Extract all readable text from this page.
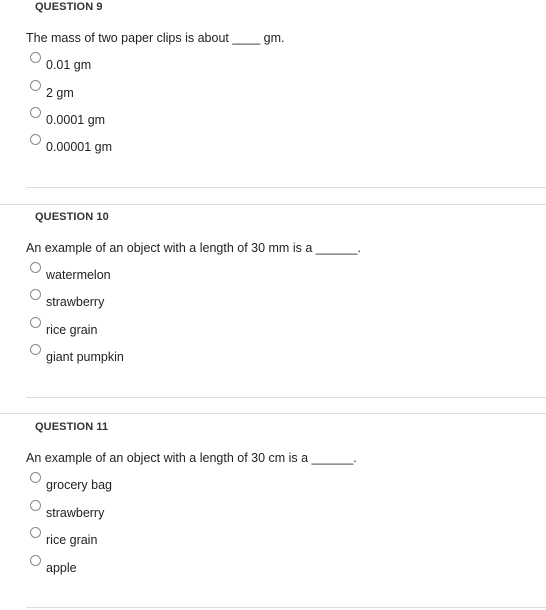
QUESTION 9
The mass of two paper clips is about ____ gm.
0.01 gm
2 gm
0.0001 gm
0.00001 gm
QUESTION 10
An example of an object with a length of 30 mm is a ______.
watermelon
strawberry
rice grain
giant pumpkin
QUESTION 11
An example of an object with a length of 30 cm is a ______.
grocery bag
strawberry
rice grain
apple
